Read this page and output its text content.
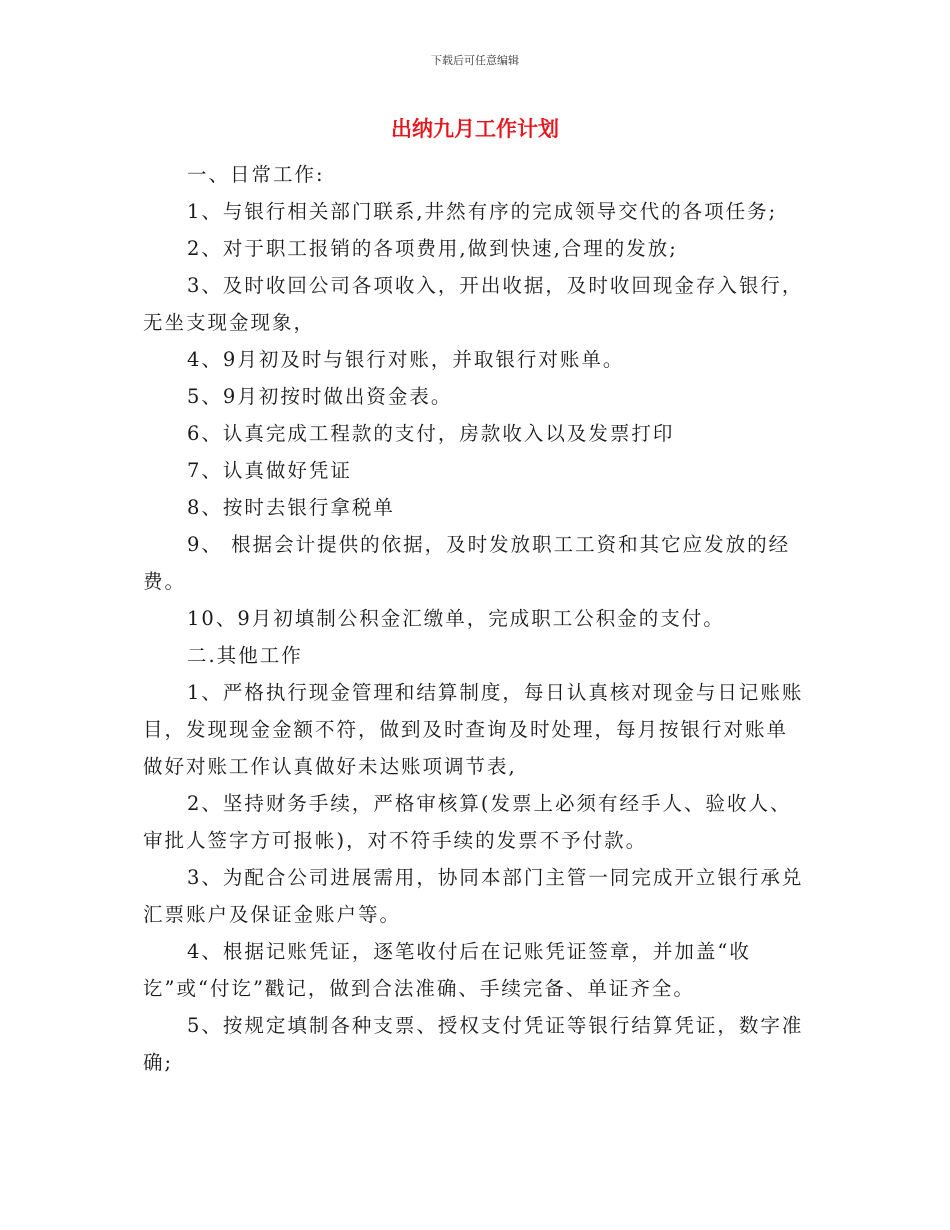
下载后可任意编辑
出纳九月工作计划

一、日常工作:

1、与银行相关部门联系,井然有序的完成领导交代的各项任务;

2、对于职工报销的各项费用,做到快速,合理的发放;

3、及时收回公司各项收入，开出收据，及时收回现金存入银行，无坐支现金现象，

4、9月初及时与银行对账，并取银行对账单。

5、9月初按时做出资金表。

6、认真完成工程款的支付，房款收入以及发票打印

7、认真做好凭证

8、按时去银行拿税单

9、 根据会计提供的依据，及时发放职工工资和其它应发放的经费。

10、9月初填制公积金汇缴单，完成职工公积金的支付。

二.其他工作

1、严格执行现金管理和结算制度，每日认真核对现金与日记账账目，发现现金金额不符，做到及时查询及时处理，每月按银行对账单做好对账工作认真做好未达账项调节表,

2、坚持财务手续，严格审核算(发票上必须有经手人、验收人、审批人签字方可报帐)，对不符手续的发票不予付款。

3、为配合公司进展需用，协同本部门主管一同完成开立银行承兑汇票账户及保证金账户等。

4、根据记账凭证，逐笔收付后在记账凭证签章，并加盖“收讫”或“付讫”戳记，做到合法准确、手续完备、单证齐全。

5、按规定填制各种支票、授权支付凭证等银行结算凭证，数字准确;
